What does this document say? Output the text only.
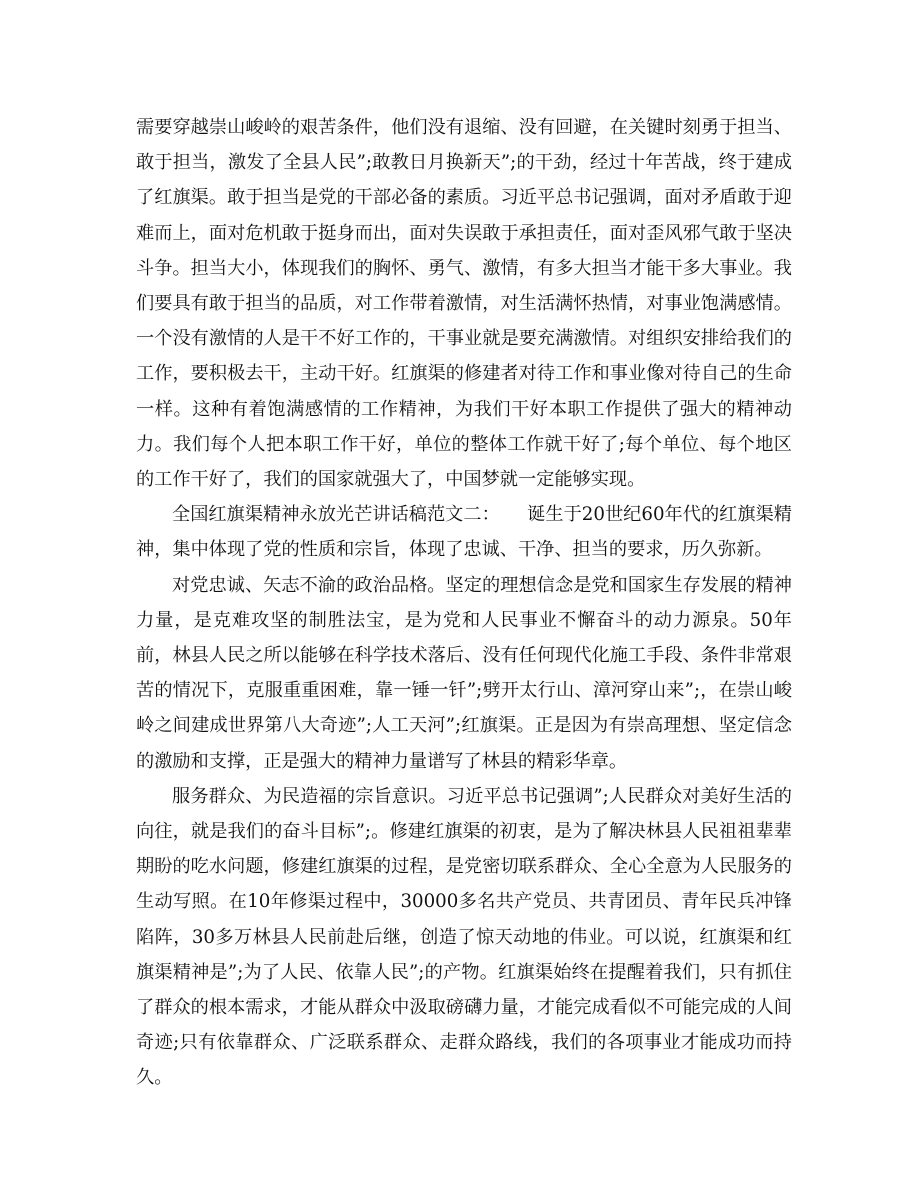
需要穿越崇山峻岭的艰苦条件，他们没有退缩、没有回避，在关键时刻勇于担当、敢于担当，激发了全县人民”;敢教日月换新天”;的干劲，经过十年苦战，终于建成了红旗渠。敢于担当是党的干部必备的素质。习近平总书记强调，面对矛盾敢于迎难而上，面对危机敢于挺身而出，面对失误敢于承担责任，面对歪风邪气敢于坚决斗争。担当大小，体现我们的胸怀、勇气、激情，有多大担当才能干多大事业。我们要具有敢于担当的品质，对工作带着激情，对生活满怀热情，对事业饱满感情。一个没有激情的人是干不好工作的，干事业就是要充满激情。对组织安排给我们的工作，要积极去干，主动干好。红旗渠的修建者对待工作和事业像对待自己的生命一样。这种有着饱满感情的工作精神，为我们干好本职工作提供了强大的精神动力。我们每个人把本职工作干好，单位的整体工作就干好了;每个单位、每个地区的工作干好了，我们的国家就强大了，中国梦就一定能够实现。

全国红旗渠精神永放光芒讲话稿范文二：　　诞生于20世纪60年代的红旗渠精神，集中体现了党的性质和宗旨，体现了忠诚、干净、担当的要求，历久弥新。

对党忠诚、矢志不渝的政治品格。坚定的理想信念是党和国家生存发展的精神力量，是克难攻坚的制胜法宝，是为党和人民事业不懈奋斗的动力源泉。50年前，林县人民之所以能够在科学技术落后、没有任何现代化施工手段、条件非常艰苦的情况下，克服重重困难，靠一锤一钎”;劈开太行山、漳河穿山来”;，在崇山峻岭之间建成世界第八大奇迹”;人工天河”;红旗渠。正是因为有崇高理想、坚定信念的激励和支撑，正是强大的精神力量谱写了林县的精彩华章。

服务群众、为民造福的宗旨意识。习近平总书记强调”;人民群众对美好生活的向往，就是我们的奋斗目标”;。修建红旗渠的初衷，是为了解决林县人民祖祖辈辈期盼的吃水问题，修建红旗渠的过程，是党密切联系群众、全心全意为人民服务的生动写照。在10年修渠过程中，30000多名共产党员、共青团员、青年民兵冲锋陷阵，30多万林县人民前赴后继，创造了惊天动地的伟业。可以说，红旗渠和红旗渠精神是”;为了人民、依靠人民”;的产物。红旗渠始终在提醒着我们，只有抓住了群众的根本需求，才能从群众中汲取磅礴力量，才能完成看似不可能完成的人间奇迹;只有依靠群众、广泛联系群众、走群众路线，我们的各项事业才能成功而持久。
